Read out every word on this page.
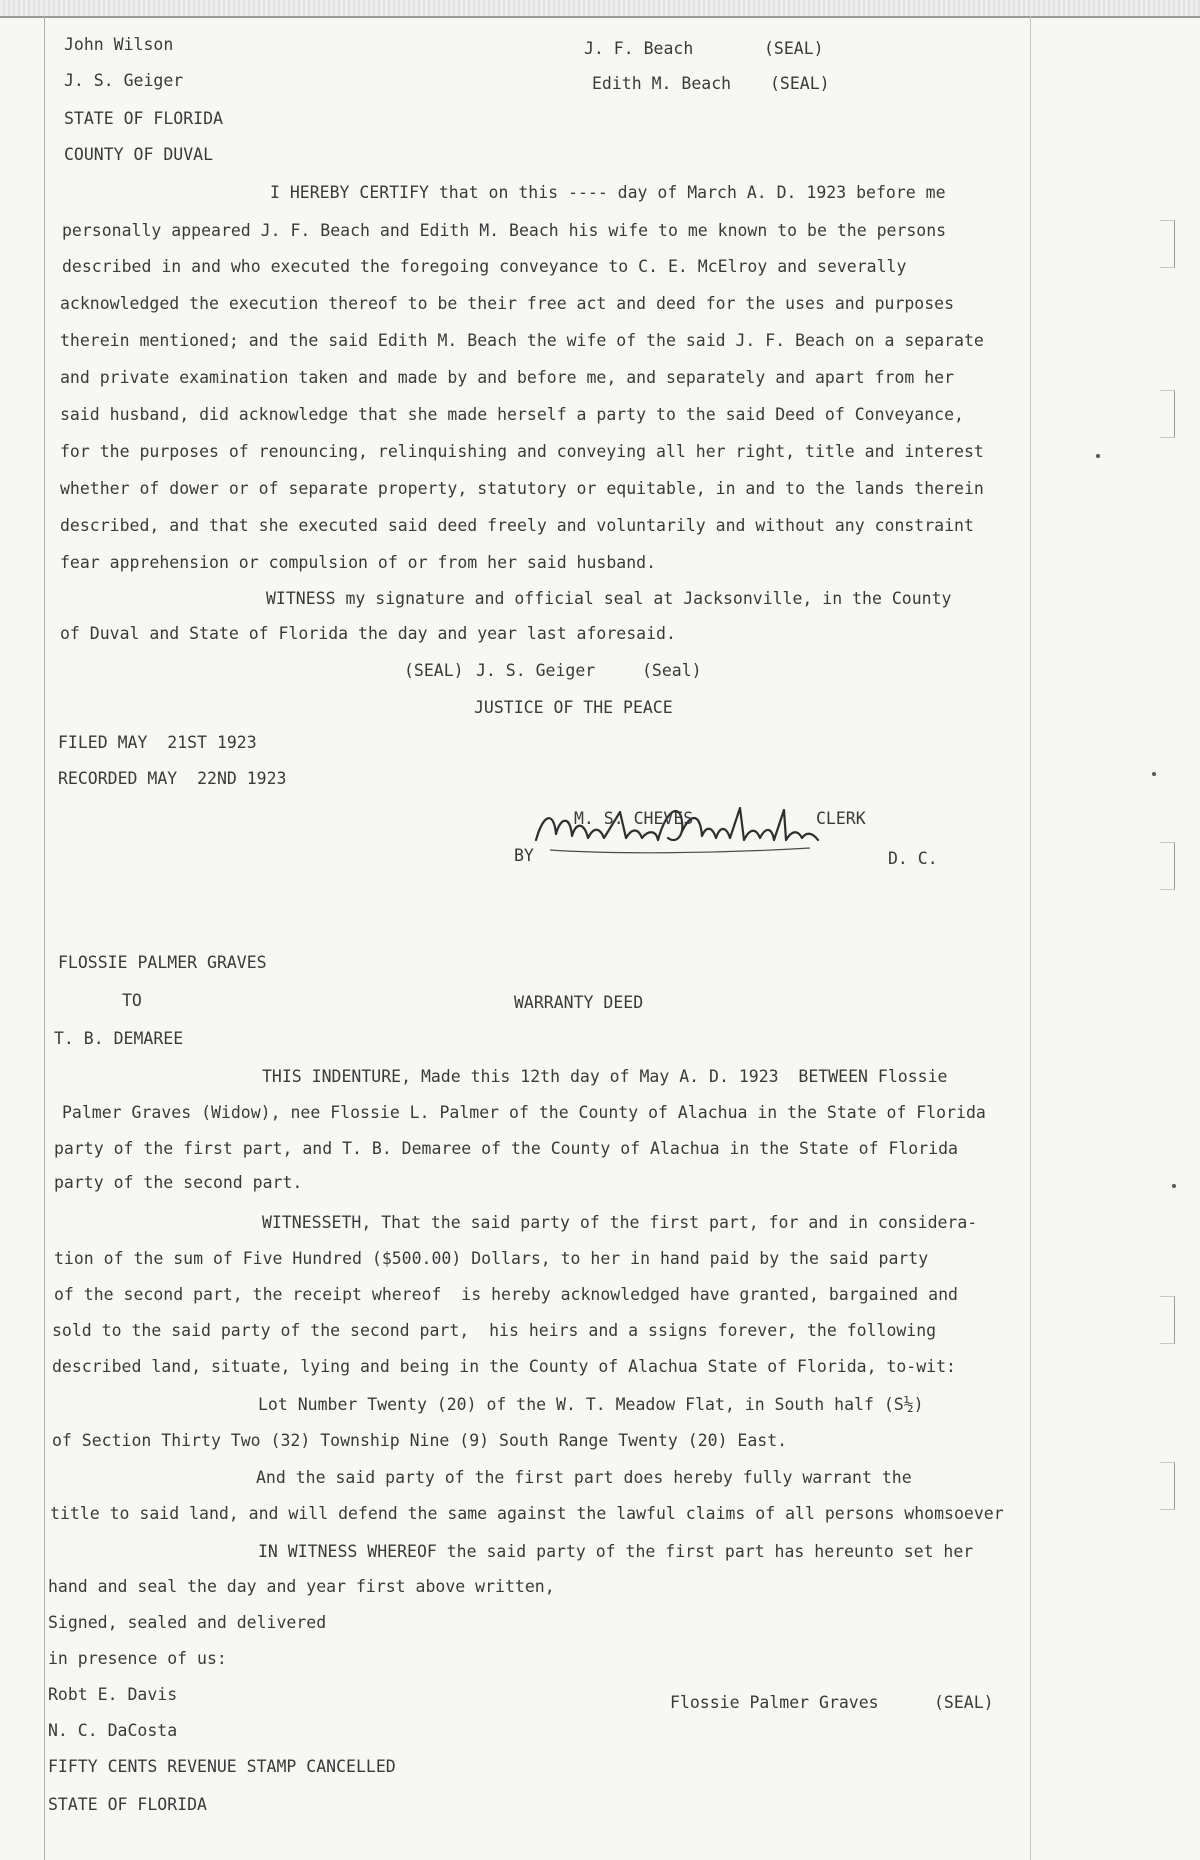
John Wilson
J. S. Geiger
J. F. Beach	(SEAL)
Edith M. Beach (SEAL)
STATE OF FLORIDA
COUNTY OF DUVAL
I HEREBY CERTIFY that on this ---- day of March A. D. 1923 before me
personally appeared J. F. Beach and Edith M. Beach his wife to me known to be the persons
described in and who executed the foregoing conveyance to C. E. McElroy and severally
acknowledged the execution thereof to be their free act and deed for the uses and purposes
therein mentioned; and the said Edith M. Beach the wife of the said J. F. Beach on a separate
and private examination taken and made by and before me, and separately and apart from her
said husband, did acknowledge that she made herself a party to the said Deed of Conveyance,
for the purposes of renouncing, relinquishing and conveying all her right, title and interest
whether of dower or of separate property, statutory or equitable, in and to the lands therein
described, and that she executed said deed freely and voluntarily and without any constraint
fear apprehension or compulsion of or from her said husband.
WITNESS my signature and official seal at Jacksonville, in the County
of Duval and State of Florida the day and year last aforesaid.
(SEAL) J. S. Geiger	(Seal)
JUSTICE OF THE PEACE
FILED MAY  21ST 1923
RECORDED MAY  22ND 1923
M. S. CHEVES	CLERK
BY	D. C.
FLOSSIE PALMER GRAVES
TO	WARRANTY DEED
T. B. DEMAREE
THIS INDENTURE, Made this 12th day of May A. D. 1923  BETWEEN Flossie
Palmer Graves (Widow), nee Flossie L. Palmer of the County of Alachua in the State of Florida
party of the first part, and T. B. Demaree of the County of Alachua in the State of Florida
party of the second part.
WITNESSETH, That the said party of the first part, for and in considera-
tion of the sum of Five Hundred ($500.00) Dollars, to her in hand paid by the said party
of the second part, the receipt whereof  is hereby acknowledged have granted, bargained and
sold to the said party of the second part,  his heirs and a ssigns forever, the following
described land, situate, lying and being in the County of Alachua State of Florida, to-wit:
Lot Number Twenty (20) of the W. T. Meadow Flat, in South half (S½)
of Section Thirty Two (32) Township Nine (9) South Range Twenty (20) East.
And the said party of the first part does hereby fully warrant the
title to said land, and will defend the same against the lawful claims of all persons whomsoever
IN WITNESS WHEREOF the said party of the first part has hereunto set her
hand and seal the day and year first above written,
Signed, sealed and delivered
in presence of us:
Robt E. Davis	Flossie Palmer Graves	(SEAL)
N. C. DaCosta
FIFTY CENTS REVENUE STAMP CANCELLED
STATE OF FLORIDA
